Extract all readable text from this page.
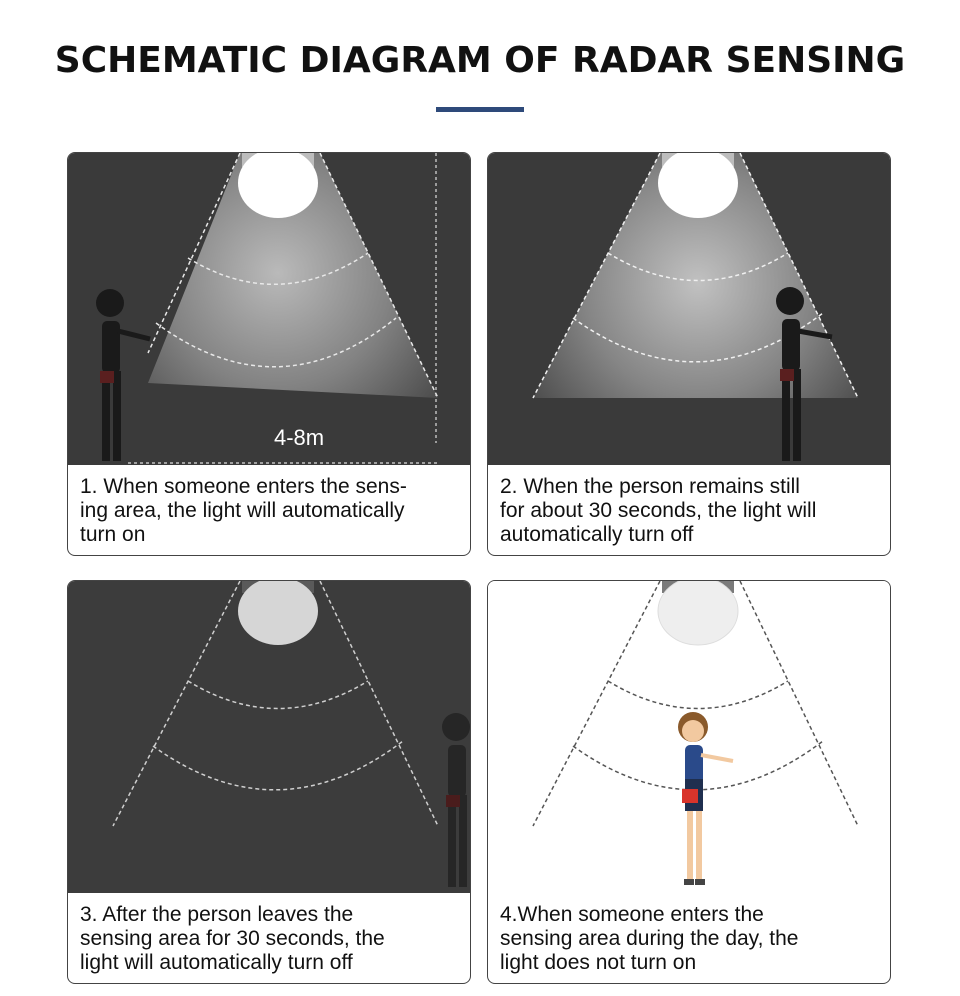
SCHEMATIC DIAGRAM OF RADAR SENSING
4-8m
1. When someone enters the sens-
ing area, the light will automatically
turn on
2. When the person remains still
for about 30 seconds, the light will
automatically turn off
3. After the person leaves the
sensing area for 30 seconds, the
light will automatically turn off
4.When someone enters the
sensing area during the day, the
light does not turn on
